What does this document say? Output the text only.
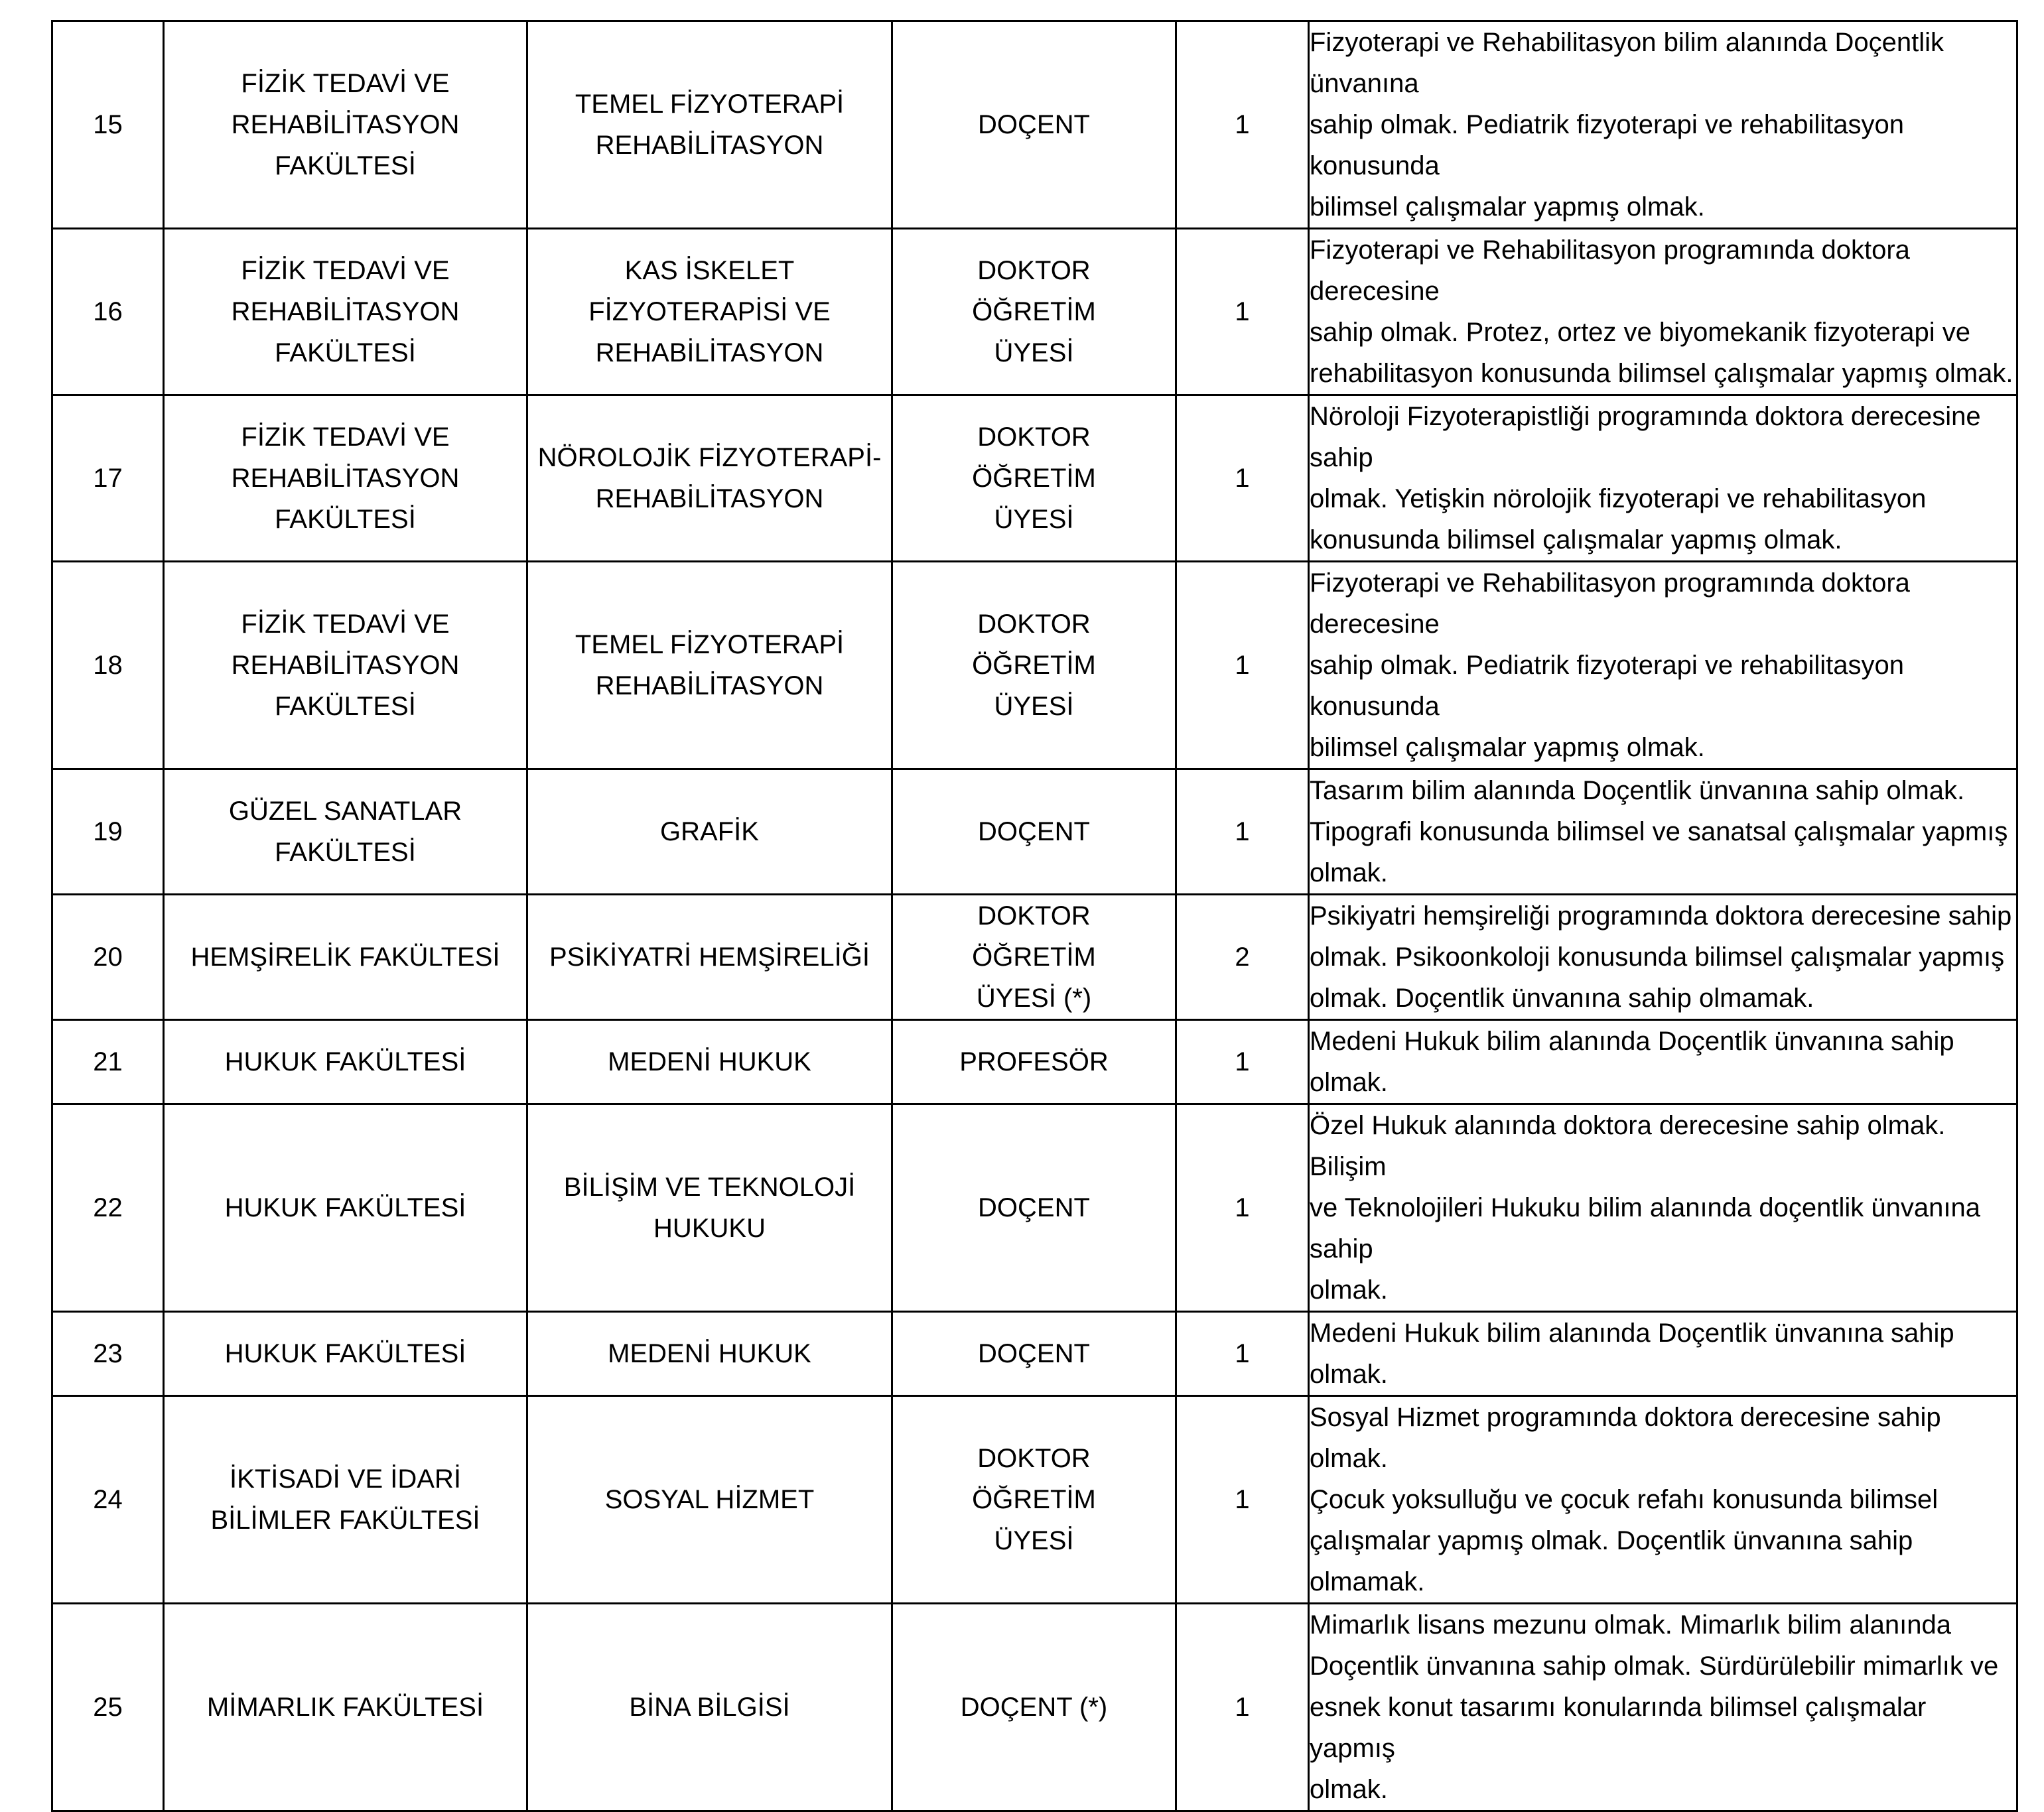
15	FİZİK TEDAVİ VE
REHABİLİTASYON
FAKÜLTESİ	TEMEL FİZYOTERAPİ
REHABİLİTASYON	DOÇENT	1	Fizyoterapi ve Rehabilitasyon bilim alanında Doçentlik ünvanına
sahip olmak. Pediatrik fizyoterapi ve rehabilitasyon konusunda
bilimsel çalışmalar yapmış olmak.

16	FİZİK TEDAVİ VE
REHABİLİTASYON
FAKÜLTESİ	KAS İSKELET
FİZYOTERAPİSİ VE
REHABİLİTASYON	DOKTOR
ÖĞRETİM
ÜYESİ	1	Fizyoterapi ve Rehabilitasyon programında doktora derecesine
sahip olmak. Protez, ortez ve biyomekanik fizyoterapi ve
rehabilitasyon konusunda bilimsel çalışmalar yapmış olmak.

17	FİZİK TEDAVİ VE
REHABİLİTASYON
FAKÜLTESİ	NÖROLOJİK FİZYOTERAPİ-
REHABİLİTASYON	DOKTOR
ÖĞRETİM
ÜYESİ	1	Nöroloji Fizyoterapistliği programında doktora derecesine sahip
olmak. Yetişkin nörolojik fizyoterapi ve rehabilitasyon
konusunda bilimsel çalışmalar yapmış olmak.

18	FİZİK TEDAVİ VE
REHABİLİTASYON
FAKÜLTESİ	TEMEL FİZYOTERAPİ
REHABİLİTASYON	DOKTOR
ÖĞRETİM
ÜYESİ	1	Fizyoterapi ve Rehabilitasyon programında doktora derecesine
sahip olmak. Pediatrik fizyoterapi ve rehabilitasyon konusunda
bilimsel çalışmalar yapmış olmak.

19	GÜZEL SANATLAR
FAKÜLTESİ	GRAFİK	DOÇENT	1	Tasarım bilim alanında Doçentlik ünvanına sahip olmak.
Tipografi konusunda bilimsel ve sanatsal çalışmalar yapmış
olmak.

20	HEMŞİRELİK FAKÜLTESİ	PSİKİYATRİ HEMŞİRELİĞİ	DOKTOR
ÖĞRETİM
ÜYESİ (*)	2	Psikiyatri hemşireliği programında doktora derecesine sahip
olmak. Psikoonkoloji konusunda bilimsel çalışmalar yapmış
olmak. Doçentlik ünvanına sahip olmamak.

21	HUKUK FAKÜLTESİ	MEDENİ HUKUK	PROFESÖR	1	Medeni Hukuk bilim alanında Doçentlik ünvanına sahip olmak.

22	HUKUK FAKÜLTESİ	BİLİŞİM VE TEKNOLOJİ
HUKUKU	DOÇENT	1	Özel Hukuk alanında doktora derecesine sahip olmak. Bilişim
ve Teknolojileri Hukuku bilim alanında doçentlik ünvanına sahip
olmak.

23	HUKUK FAKÜLTESİ	MEDENİ HUKUK	DOÇENT	1	Medeni Hukuk bilim alanında Doçentlik ünvanına sahip olmak.

24	İKTİSADİ VE İDARİ
BİLİMLER FAKÜLTESİ	SOSYAL HİZMET	DOKTOR
ÖĞRETİM
ÜYESİ	1	Sosyal Hizmet programında doktora derecesine sahip olmak.
Çocuk yoksulluğu ve çocuk refahı konusunda bilimsel
çalışmalar yapmış olmak. Doçentlik ünvanına sahip olmamak.

25	MİMARLIK FAKÜLTESİ	BİNA BİLGİSİ	DOÇENT (*)	1	Mimarlık lisans mezunu olmak. Mimarlık bilim alanında
Doçentlik ünvanına sahip olmak. Sürdürülebilir mimarlık ve
esnek konut tasarımı konularında bilimsel çalışmalar yapmış
olmak.
